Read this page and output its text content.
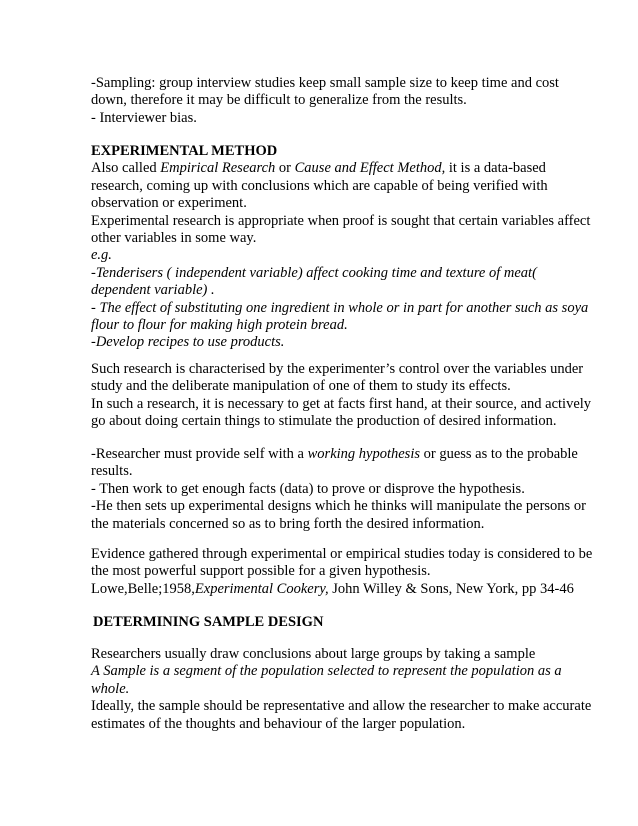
-Sampling: group interview studies keep small sample size to keep time and cost
down, therefore it may be difficult to generalize from the results.
- Interviewer bias.
EXPERIMENTAL METHOD
Also called Empirical Research or Cause and Effect Method, it is a data-based
research, coming up with conclusions which are capable of being verified with
observation or experiment.
Experimental research is appropriate when proof is sought that certain variables affect
other variables in some way.
e.g.
-Tenderisers ( independent variable) affect cooking time and texture of meat(
dependent variable) .
- The effect of substituting one ingredient in whole or in part for another such as soya
flour to flour for making high protein bread.
-Develop recipes to use products.
Such research is characterised by the experimenter’s control over the variables under
study and the deliberate manipulation of one of them to study its effects.
In such a research, it is necessary to get at facts first hand, at their source, and actively
go about doing certain things to stimulate the production of desired information.
-Researcher must provide self with a working hypothesis or guess as to the probable
results.
- Then work to get enough facts (data) to prove or disprove the hypothesis.
-He then sets up experimental designs which he thinks will manipulate the persons or
the materials concerned so as to bring forth the desired information.
Evidence gathered through experimental or empirical studies today is considered to be
the most powerful support possible for a given hypothesis.
Lowe,Belle;1958,Experimental Cookery, John Willey & Sons, New York, pp 34-46
DETERMINING SAMPLE DESIGN
Researchers usually draw conclusions about large groups by taking a sample
A Sample is a segment of the population selected to represent the population as a
whole.
Ideally, the sample should be representative and allow the researcher to make accurate
estimates of the thoughts and behaviour of the larger population.
